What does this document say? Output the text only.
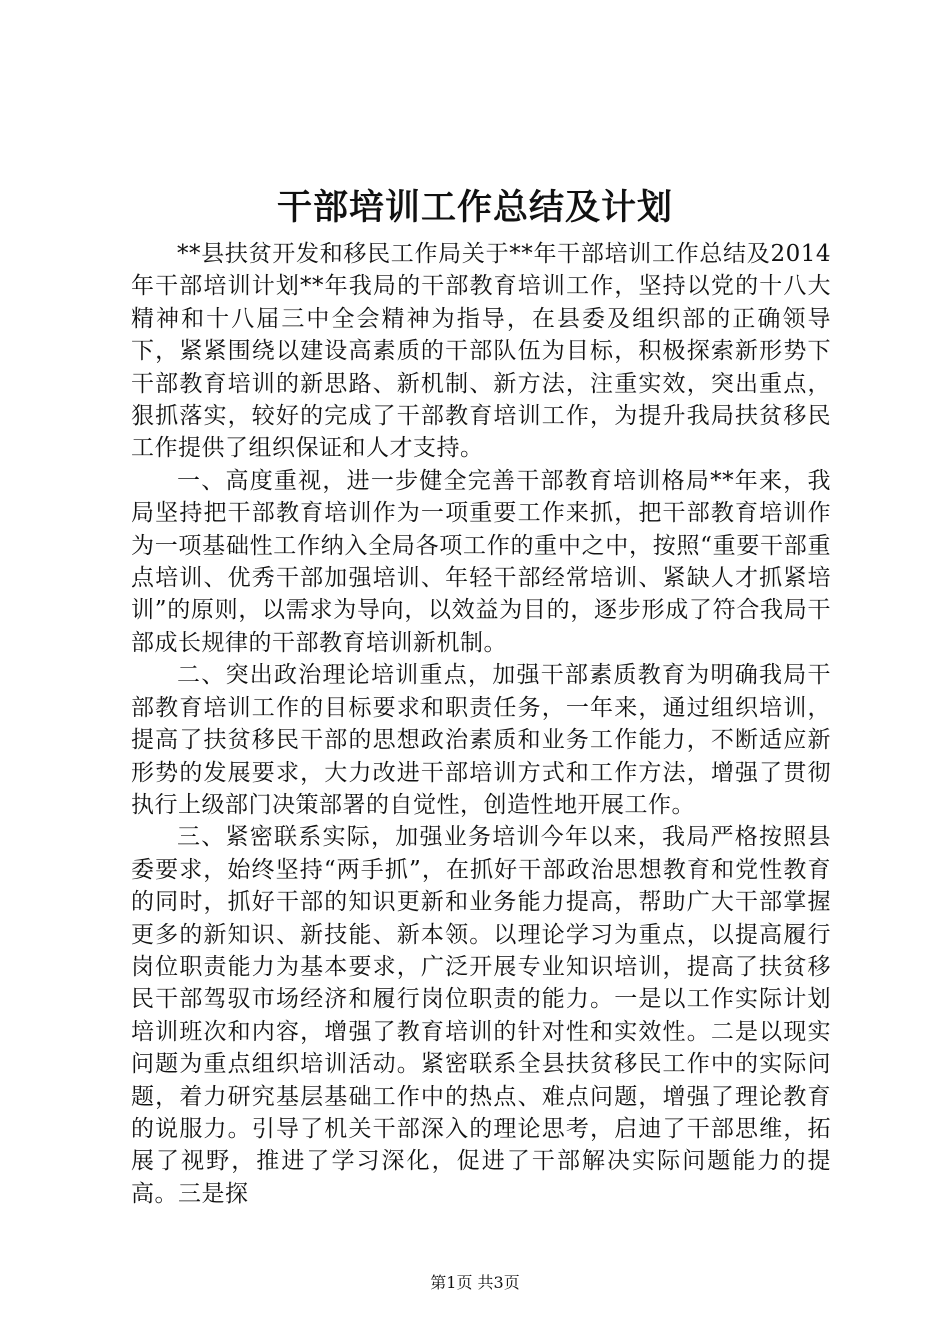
干部培训工作总结及计划

**县扶贫开发和移民工作局关于**年干部培训工作总结及2014年干部培训计划**年我局的干部教育培训工作，坚持以党的十八大精神和十八届三中全会精神为指导，在县委及组织部的正确领导下，紧紧围绕以建设高素质的干部队伍为目标，积极探索新形势下干部教育培训的新思路、新机制、新方法，注重实效，突出重点，狠抓落实，较好的完成了干部教育培训工作，为提升我局扶贫移民工作提供了组织保证和人才支持。

一、高度重视，进一步健全完善干部教育培训格局**年来，我局坚持把干部教育培训作为一项重要工作来抓，把干部教育培训作为一项基础性工作纳入全局各项工作的重中之中，按照“重要干部重点培训、优秀干部加强培训、年轻干部经常培训、紧缺人才抓紧培训”的原则，以需求为导向，以效益为目的，逐步形成了符合我局干部成长规律的干部教育培训新机制。

二、突出政治理论培训重点，加强干部素质教育为明确我局干部教育培训工作的目标要求和职责任务，一年来，通过组织培训，提高了扶贫移民干部的思想政治素质和业务工作能力，不断适应新形势的发展要求，大力改进干部培训方式和工作方法，增强了贯彻执行上级部门决策部署的自觉性，创造性地开展工作。

三、紧密联系实际，加强业务培训今年以来，我局严格按照县委要求，始终坚持“两手抓”，在抓好干部政治思想教育和党性教育的同时，抓好干部的知识更新和业务能力提高，帮助广大干部掌握更多的新知识、新技能、新本领。以理论学习为重点，以提高履行岗位职责能力为基本要求，广泛开展专业知识培训，提高了扶贫移民干部驾驭市场经济和履行岗位职责的能力。一是以工作实际计划培训班次和内容，增强了教育培训的针对性和实效性。二是以现实问题为重点组织培训活动。紧密联系全县扶贫移民工作中的实际问题，着力研究基层基础工作中的热点、难点问题，增强了理论教育的说服力。引导了机关干部深入的理论思考，启迪了干部思维，拓展了视野，推进了学习深化，促进了干部解决实际问题能力的提高。三是探

第1页 共3页
